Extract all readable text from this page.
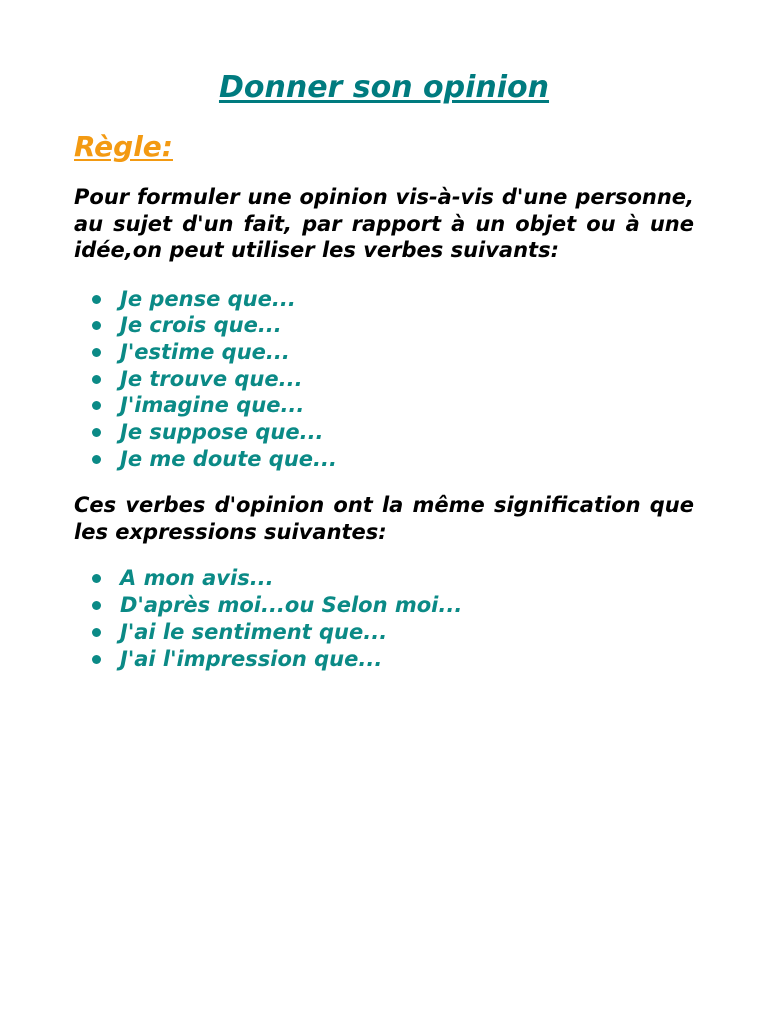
Donner son opinion
Règle:

Pour formuler une opinion vis-à-vis d'une personne, au sujet d'un fait, par rapport à un objet ou à une idée,on peut utiliser les verbes suivants:

Je pense que...
Je crois que...
J'estime que...
Je trouve que...
J'imagine que...
Je suppose que...
Je me doute que...

Ces verbes d'opinion ont la même signification que les expressions suivantes:

A mon avis...
D'après moi...ou Selon moi...
J'ai le sentiment que...
J'ai l'impression que...
